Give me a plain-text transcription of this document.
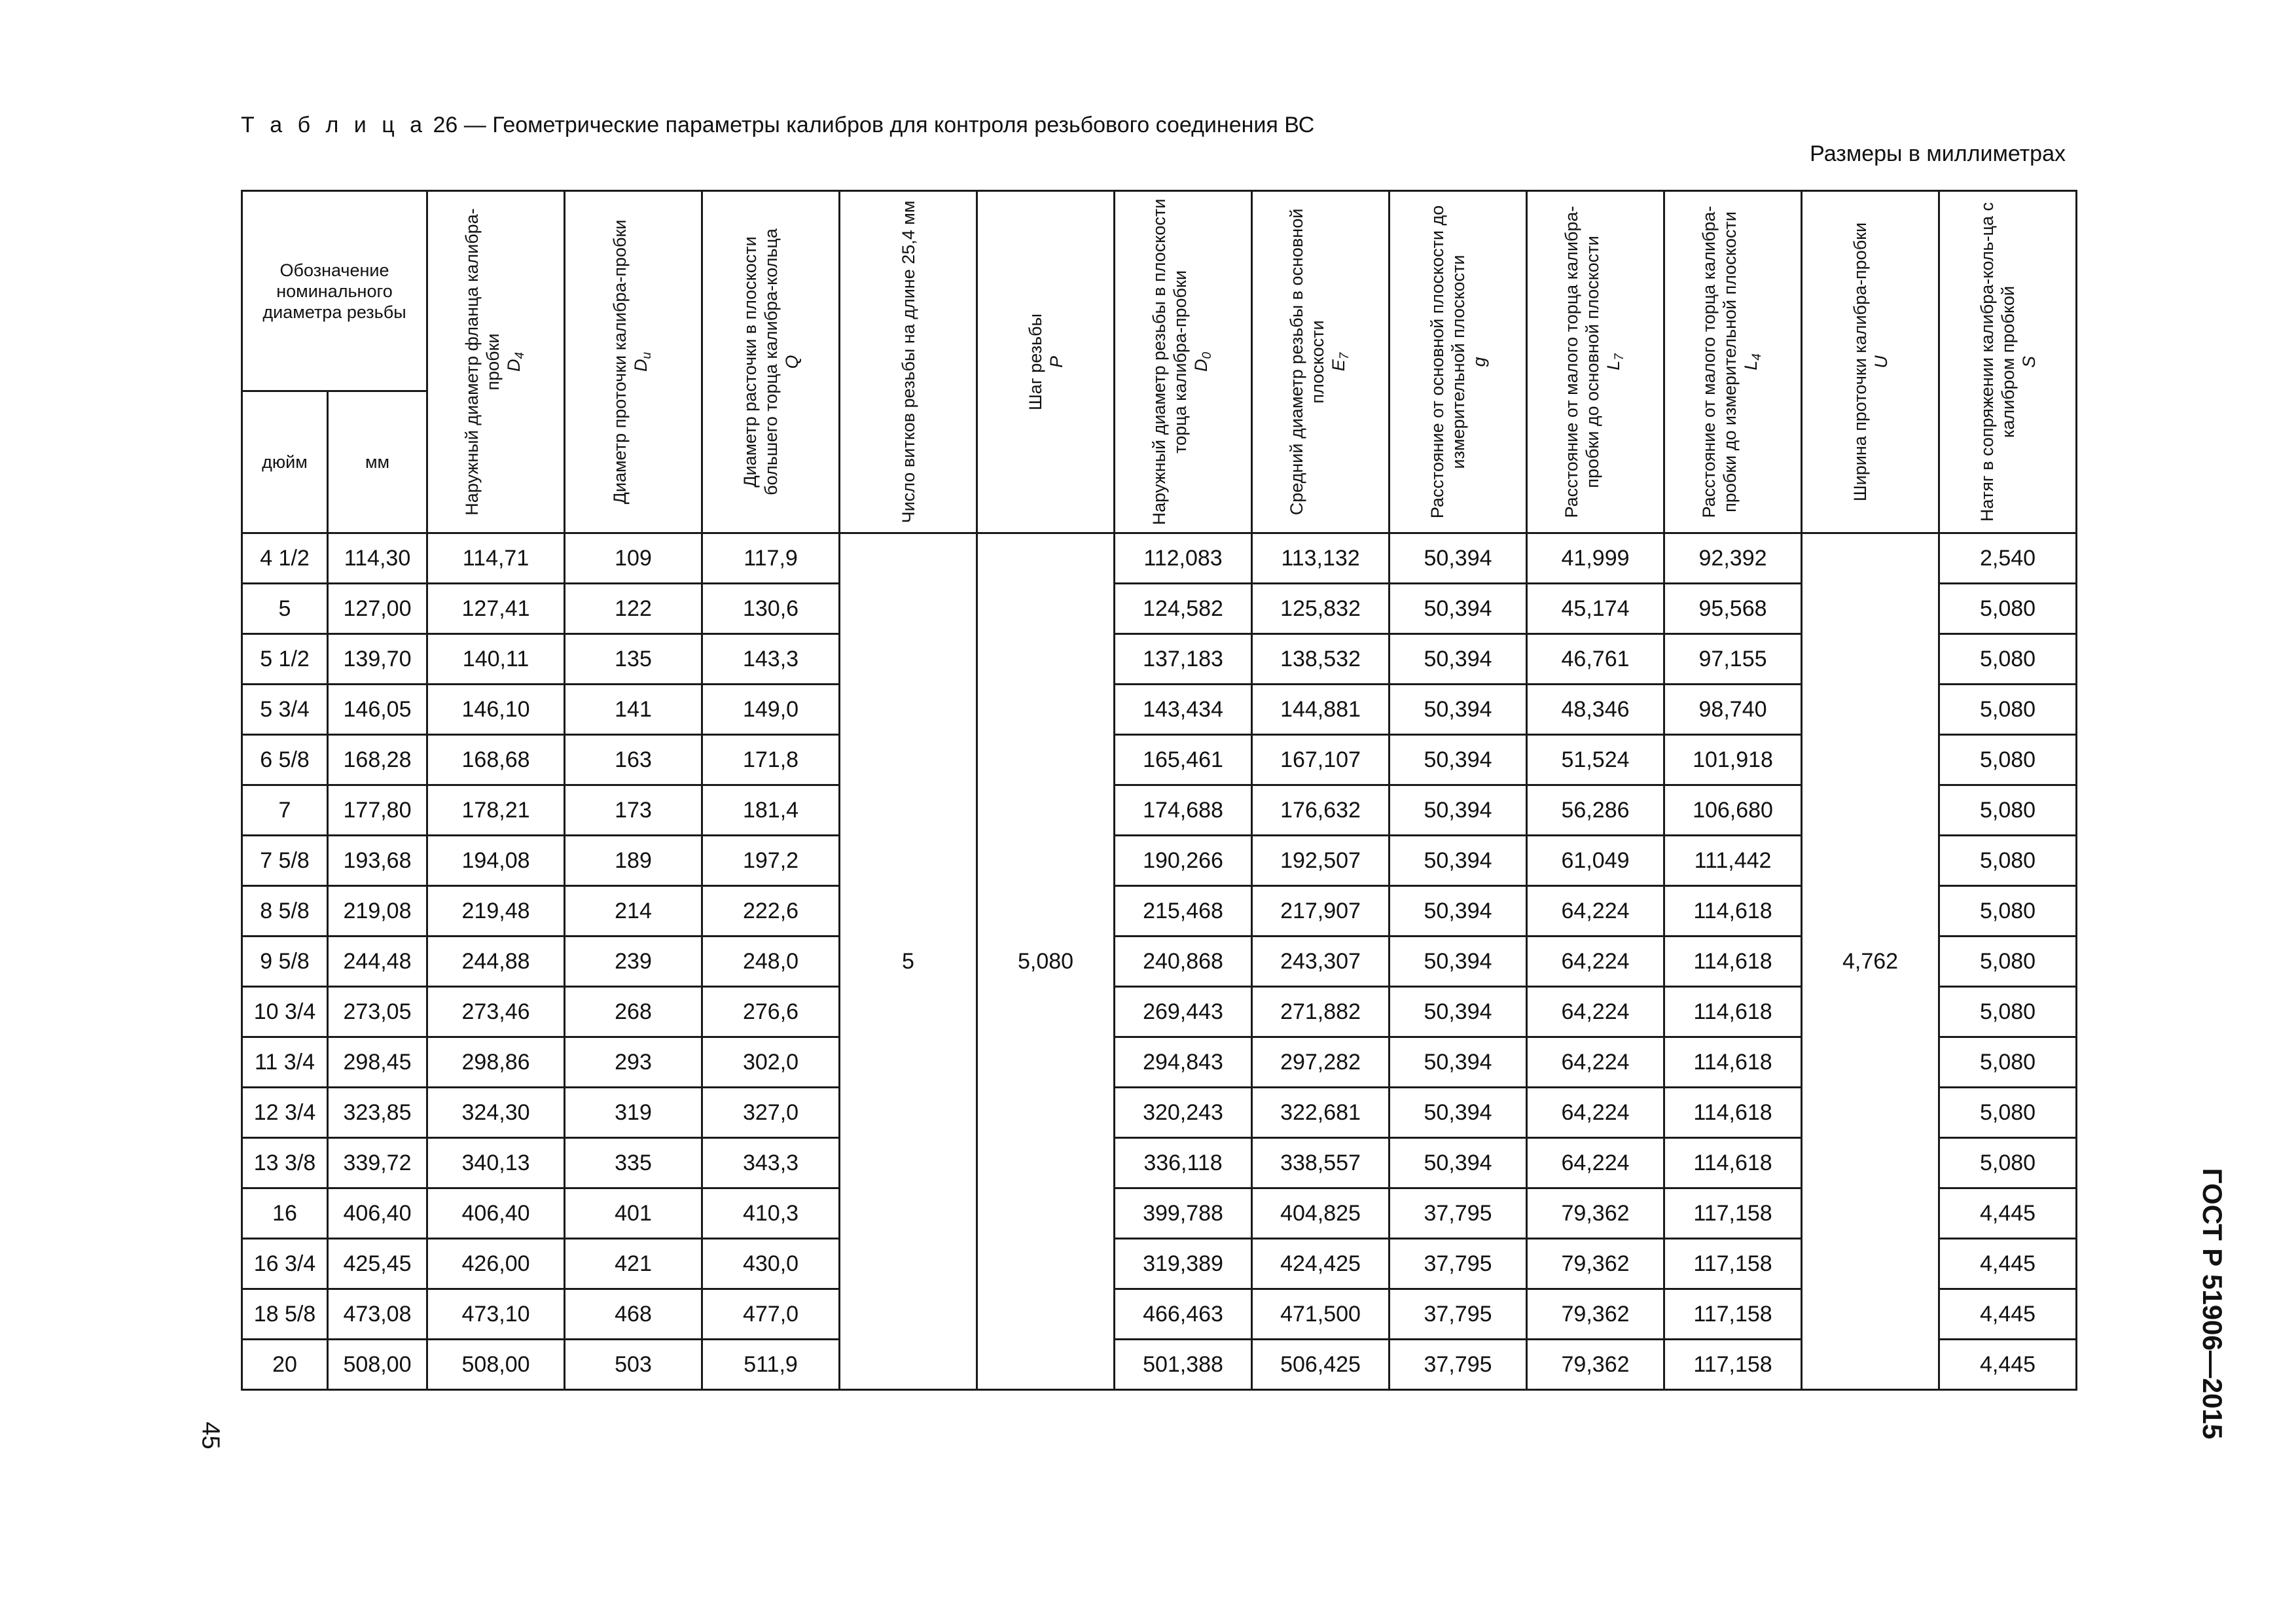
Т а б л и ц а 26 — Геометрические параметры калибров для контроля резьбового соединения ВС
Размеры в миллиметрах
Обозначение номинального диаметра резьбы		Наружный диаметр фланца калибра-пробки $D_4$	Диаметр проточки калибра-пробки $D_u$	Диаметр расточки в плоскости большего торца калибра-кольца Q	Число витков резьбы на длине 25,4 мм	Шаг резьбы P	Наружный диаметр резьбы в плоскости торца калибра-пробки $D_0$	Средний диаметр резьбы в основной плоскости $E_7$	Расстояние от основной плоскости до измерительной плоскости g	Расстояние от малого торца калибра-пробки до основной плоскости $L_7$	Расстояние от малого торца калибра-пробки до измерительной плоскости $L_4$	Ширина проточки калибра-пробки U	Натяг в сопряжении калибра-коль-ца с калибром пробкой S

дюйм	мм												
4 1/2	114,30	114,71	109	117,9	5	5,080	112,083	113,132	50,394	41,999	92,392	4,762	2,540
5	127,00	127,41	122	130,6			124,582	125,832	50,394	45,174	95,568		5,080
5 1/2	139,70	140,11	135	143,3			137,183	138,532	50,394	46,761	97,155		5,080
5 3/4	146,05	146,10	141	149,0			143,434	144,881	50,394	48,346	98,740		5,080
6 5/8	168,28	168,68	163	171,8			165,461	167,107	50,394	51,524	101,918		5,080
7	177,80	178,21	173	181,4			174,688	176,632	50,394	56,286	106,680		5,080
7 5/8	193,68	194,08	189	197,2			190,266	192,507	50,394	61,049	111,442		5,080
8 5/8	219,08	219,48	214	222,6			215,468	217,907	50,394	64,224	114,618		5,080
9 5/8	244,48	244,88	239	248,0			240,868	243,307	50,394	64,224	114,618		5,080
10 3/4	273,05	273,46	268	276,6			269,443	271,882	50,394	64,224	114,618		5,080
11 3/4	298,45	298,86	293	302,0			294,843	297,282	50,394	64,224	114,618		5,080
12 3/4	323,85	324,30	319	327,0			320,243	322,681	50,394	64,224	114,618		5,080
13 3/8	339,72	340,13	335	343,3			336,118	338,557	50,394	64,224	114,618		5,080
16	406,40	406,40	401	410,3			399,788	404,825	37,795	79,362	117,158		4,445
16 3/4	425,45	426,00	421	430,0			319,389	424,425	37,795	79,362	117,158		4,445
18 5/8	473,08	473,10	468	477,0			466,463	471,500	37,795	79,362	117,158		4,445
20	508,00	508,00	503	511,9			501,388	506,425	37,795	79,362	117,158		4,445
45	ГОСТ Р 51906—2015
